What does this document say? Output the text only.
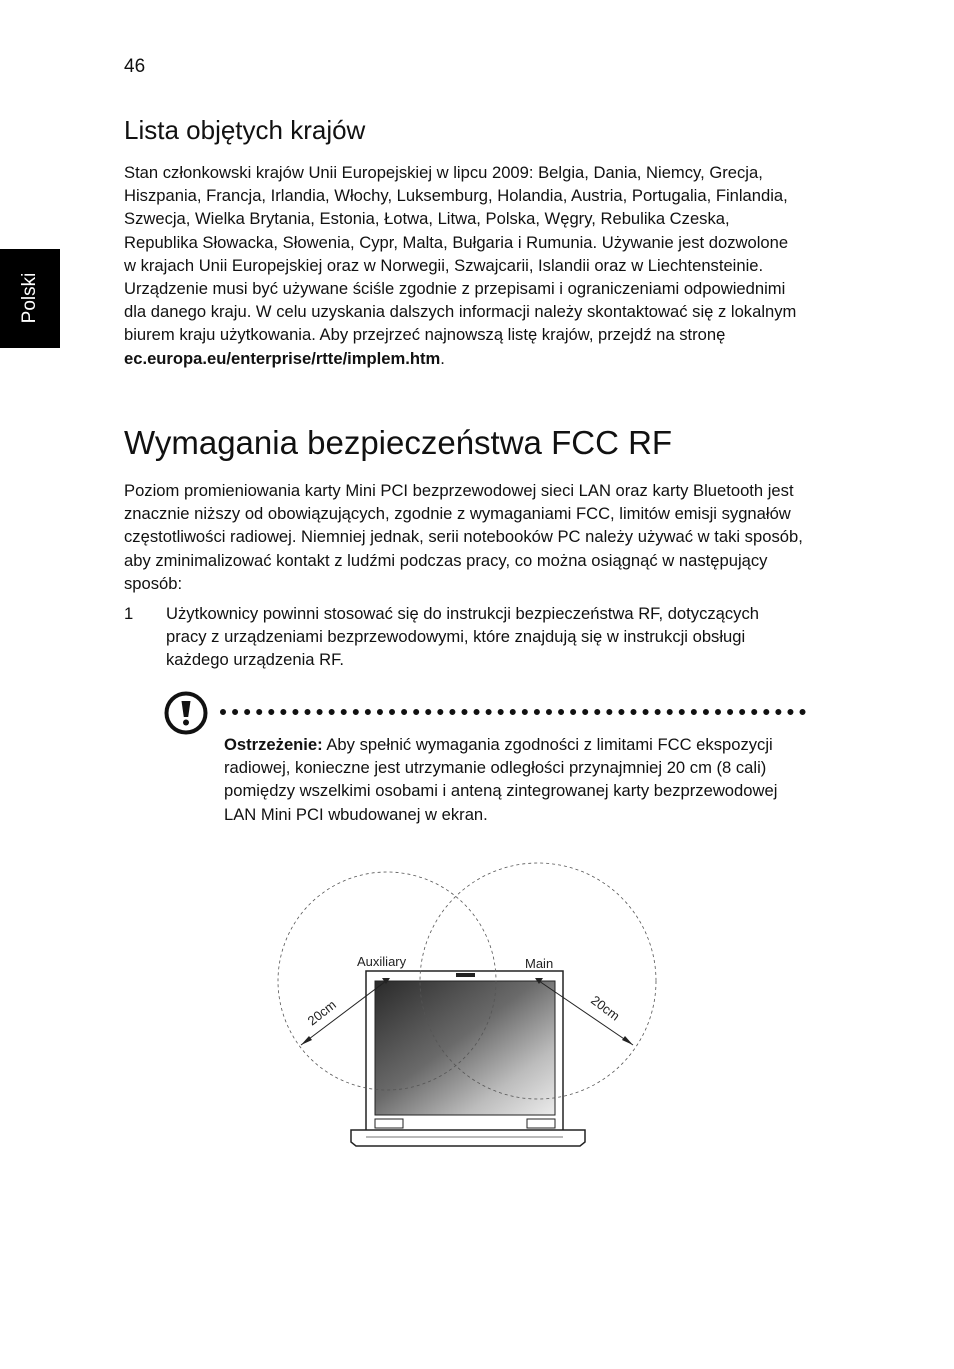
46
Polski
Lista objętych krajów

Stan członkowski krajów Unii Europejskiej w lipcu 2009: Belgia, Dania, Niemcy, Grecja, Hiszpania, Francja, Irlandia, Włochy, Luksemburg, Holandia, Austria, Portugalia, Finlandia, Szwecja, Wielka Brytania, Estonia, Łotwa, Litwa, Polska, Węgry, Rebulika Czeska, Republika Słowacka, Słowenia, Cypr, Malta, Bułgaria i Rumunia. Używanie jest dozwolone w krajach Unii Europejskiej oraz w Norwegii, Szwajcarii, Islandii oraz w Liechtensteinie. Urządzenie musi być używane ściśle zgodnie z przepisami i ograniczeniami odpowiednimi dla danego kraju. W celu uzyskania dalszych informacji należy skontaktować się z lokalnym biurem kraju użytkowania. Aby przejrzeć najnowszą listę krajów, przejdź na stronę ec.europa.eu/enterprise/rtte/implem.htm.

Wymagania bezpieczeństwa FCC RF

Poziom promieniowania karty Mini PCI bezprzewodowej sieci LAN oraz karty Bluetooth jest znacznie niższy od obowiązujących, zgodnie z wymaganiami FCC, limitów emisji sygnałów częstotliwości radiowej. Niemniej jednak, serii notebooków PC należy używać w taki sposób, aby zminimalizować kontakt z ludźmi podczas pracy, co można osiągnąć w następujący sposób:

1 Użytkownicy powinni stosować się do instrukcji bezpieczeństwa RF, dotyczących pracy z urządzeniami bezprzewodowymi, które znajdują się w instrukcji obsługi każdego urządzenia RF.

Ostrzeżenie: Aby spełnić wymagania zgodności z limitami FCC ekspozycji radiowej, konieczne jest utrzymanie odległości przynajmniej 20 cm (8 cali) pomiędzy wszelkimi osobami i anteną zintegrowanej karty bezprzewodowej LAN Mini PCI wbudowanej w ekran.

Auxiliary	Main
20cm	20cm
